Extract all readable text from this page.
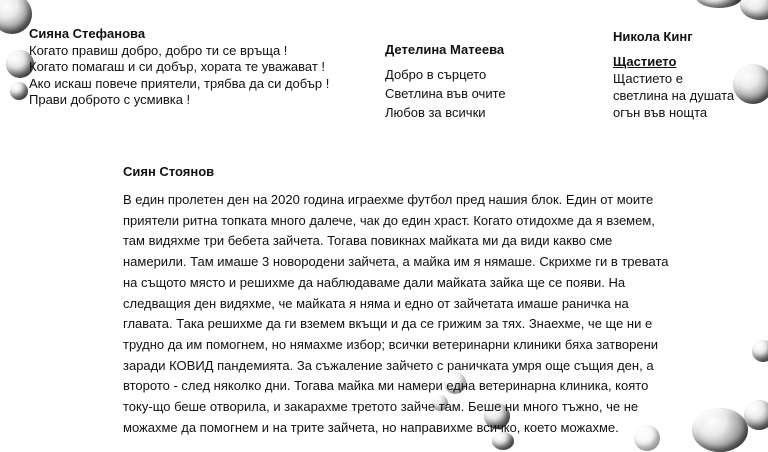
Сияна Стефанова
Когато правиш добро, добро ти се връща !
Когато помагаш и си добър, хората те уважават !
Ако искаш повече приятели, трябва да си добър !
Прави доброто с усмивка !
Детелина Матеева
Добро в сърцето
Светлина във очите
Любов за всички
Никола Кинг
Щастието
Щастието е
светлина на душата
огън във нощта
Сиян Стоянов

В един пролетен ден на 2020 година играехме футбол пред нашия блок. Един от моите
приятели ритна топката много далече, чак до един храст. Когато отидохме да я вземем,
там видяхме три бебета зайчета. Тогава повикнах майката ми да види какво сме
намерили. Там имаше 3 новородени зайчета, а майка им я нямаше. Скрихме ги в тревата
на същото място и решихме да наблюдаваме дали майката зайка ще се появи. На
следващия ден видяхме, че майката я няма и едно от зайчетата имаше раничка на
главата. Така решихме да ги вземем вкъщи и да се грижим за тях. Знаехме, че ще ни е
трудно да им помогнем, но нямахме избор; всички ветеринарни клиники бяха затворени
заради КОВИД пандемията. За съжаление зайчето с раничката умря още същия ден, а
второто - след няколко дни. Тогава майка ми намери една ветеринарна клиника, която
току-що беше отворила, и закарахме третото зайче там. Беше ни много тъжно, че не
можахме да помогнем и на трите зайчета, но направихме всичко, което можахме.
